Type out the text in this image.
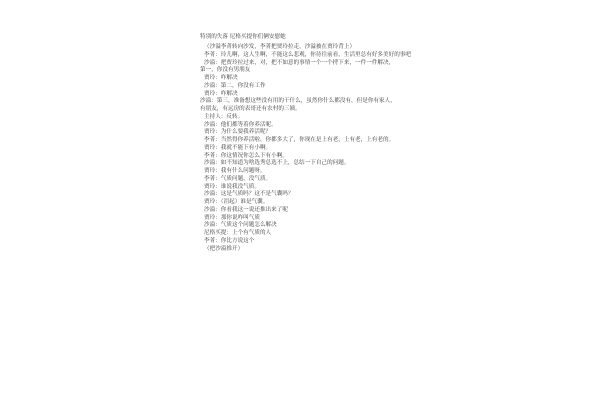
特别的失落 尼格买提你们俩安慰她
（沙溢李菁转向沙发，李菁把贾玲拉走，沙溢被在贾玲背上）
李菁：玲儿啊，这人生啊，不能这么悲观，你待往前看，生活里总有好多美好的事吧
沙溢：把贾玲拉过来，对，把不如意的事情一个一个捋下来，一件一件解决，
第一，你没有男朋友
贾玲：咋解决
沙溢：第二，你没有工作
贾玲：咋解决
沙溢：第三，准备想这些没有用的干什么，虽然你什么都没有，但是你有家人，
有朋友，有远房的表哥还有农村的三姨。
主持人：反转。
沙溢：他们都等着你养活呢。
贾玲：为什么要我养活呢？
李菁：当然得你养活啦，你都多大了，你现在是上有老，上有老，上有老的。
贾玲：我就不能下有小啊。
李菁：你这情况你怎么下有小啊。
沙溢：如不知道为啥选秀总选不上，总结一下自己的问题。
贾玲：我有什么问题呀。
李菁：气质问题，没气质。
贾玲：谁说我没气质。
沙溢：这是气质吗？这不是气囊吗？
贾玲：（沮起）谁是气囊。
沙溢：你看我这一说还推出来了呢
贾玲：那你说咋叫气质
沙溢：气质这个问题怎么解决
尼格买提：上个有气质的人
李菁：你比方说这个
（把沙溢推开）
